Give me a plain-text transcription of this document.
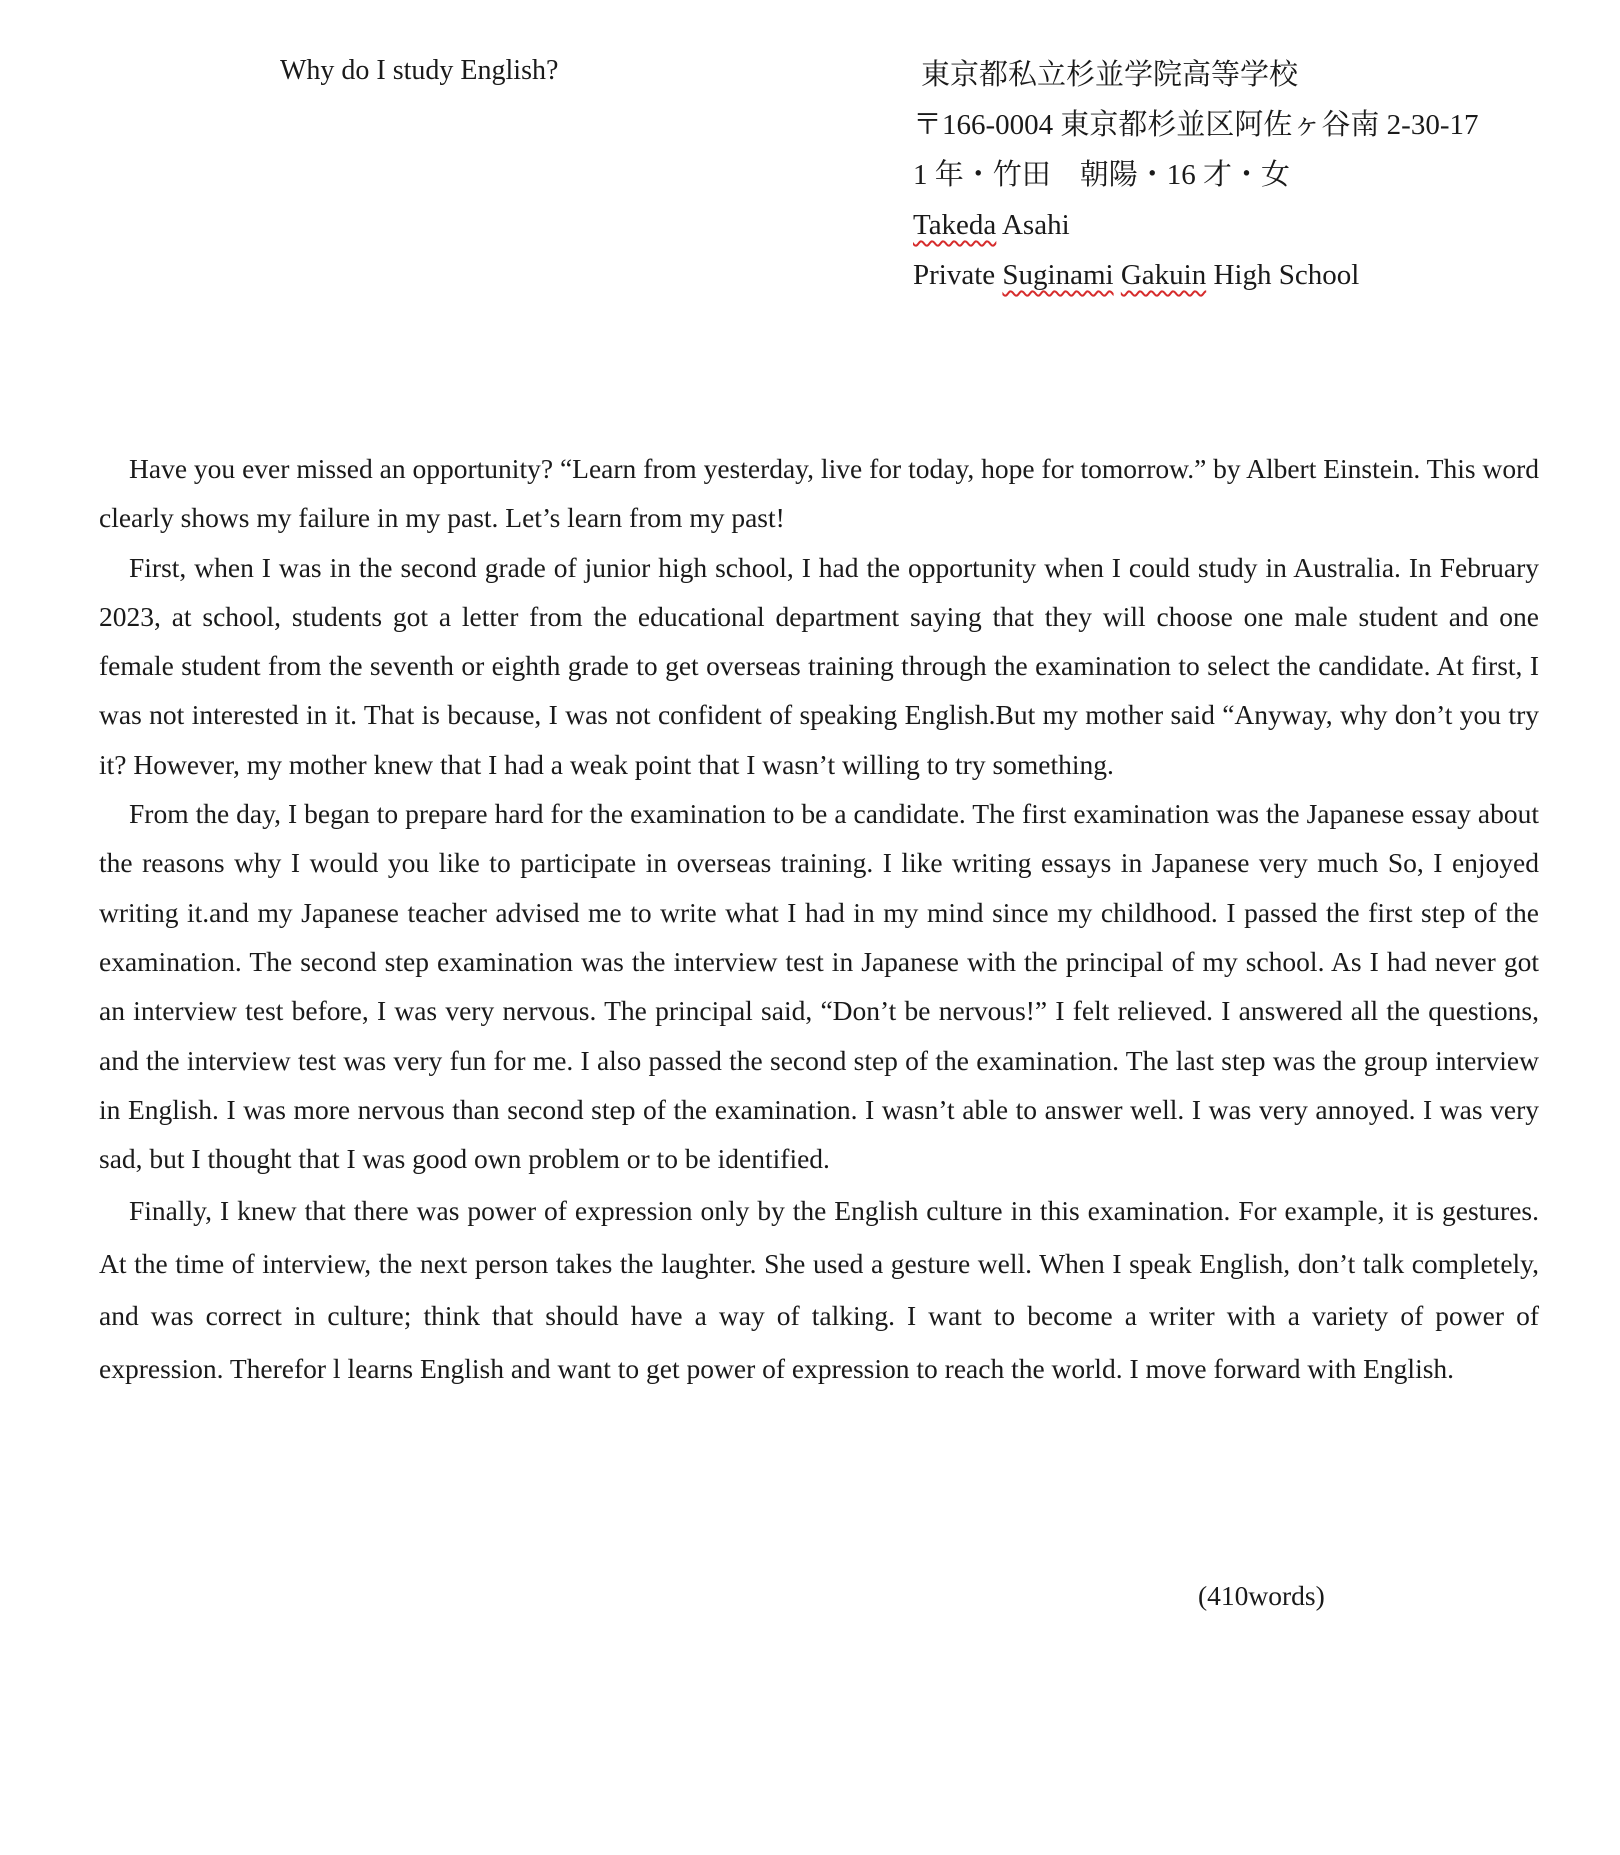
Why do I study English?	東京都私立杉並学院高等学校
〒166-0004 東京都杉並区阿佐ヶ谷南 2-30-17
1 年・竹田　朝陽・16 才・女
Takeda Asahi
Private Suginami Gakuin High School

Have you ever missed an opportunity? “Learn from yesterday, live for today, hope for tomorrow.” by Albert Einstein. This word clearly shows my failure in my past. Let’s learn from my past!

First, when I was in the second grade of junior high school, I had the opportunity when I could study in Australia. In February 2023, at school, students got a letter from the educational department saying that they will choose one male student and one female student from the seventh or eighth grade to get overseas training through the examination to select the candidate. At first, I was not interested in it. That is because, I was not confident of speaking English.But my mother said “Anyway, why don’t you try it? However, my mother knew that I had a weak point that I wasn’t willing to try something.

From the day, I began to prepare hard for the examination to be a candidate. The first examination was the Japanese essay about the reasons why I would you like to participate in overseas training. I like writing essays in Japanese very much So, I enjoyed writing it.and my Japanese teacher advised me to write what I had in my mind since my childhood. I passed the first step of the examination. The second step examination was the interview test in Japanese with the principal of my school. As I had never got an interview test before, I was very nervous. The principal said, “Don’t be nervous!” I felt relieved. I answered all the questions, and the interview test was very fun for me. I also passed the second step of the examination. The last step was the group interview in English. I was more nervous than second step of the examination. I wasn’t able to answer well. I was very annoyed. I was very sad, but I thought that I was good own problem or to be identified.

Finally, I knew that there was power of expression only by the English culture in this examination. For example, it is gestures. At the time of interview, the next person takes the laughter. She used a gesture well. When I speak English, don’t talk completely, and was correct in culture; think that should have a way of talking. I want to become a writer with a variety of power of expression. Therefor l learns English and want to get power of expression to reach the world. I move forward with English.

(410words)
